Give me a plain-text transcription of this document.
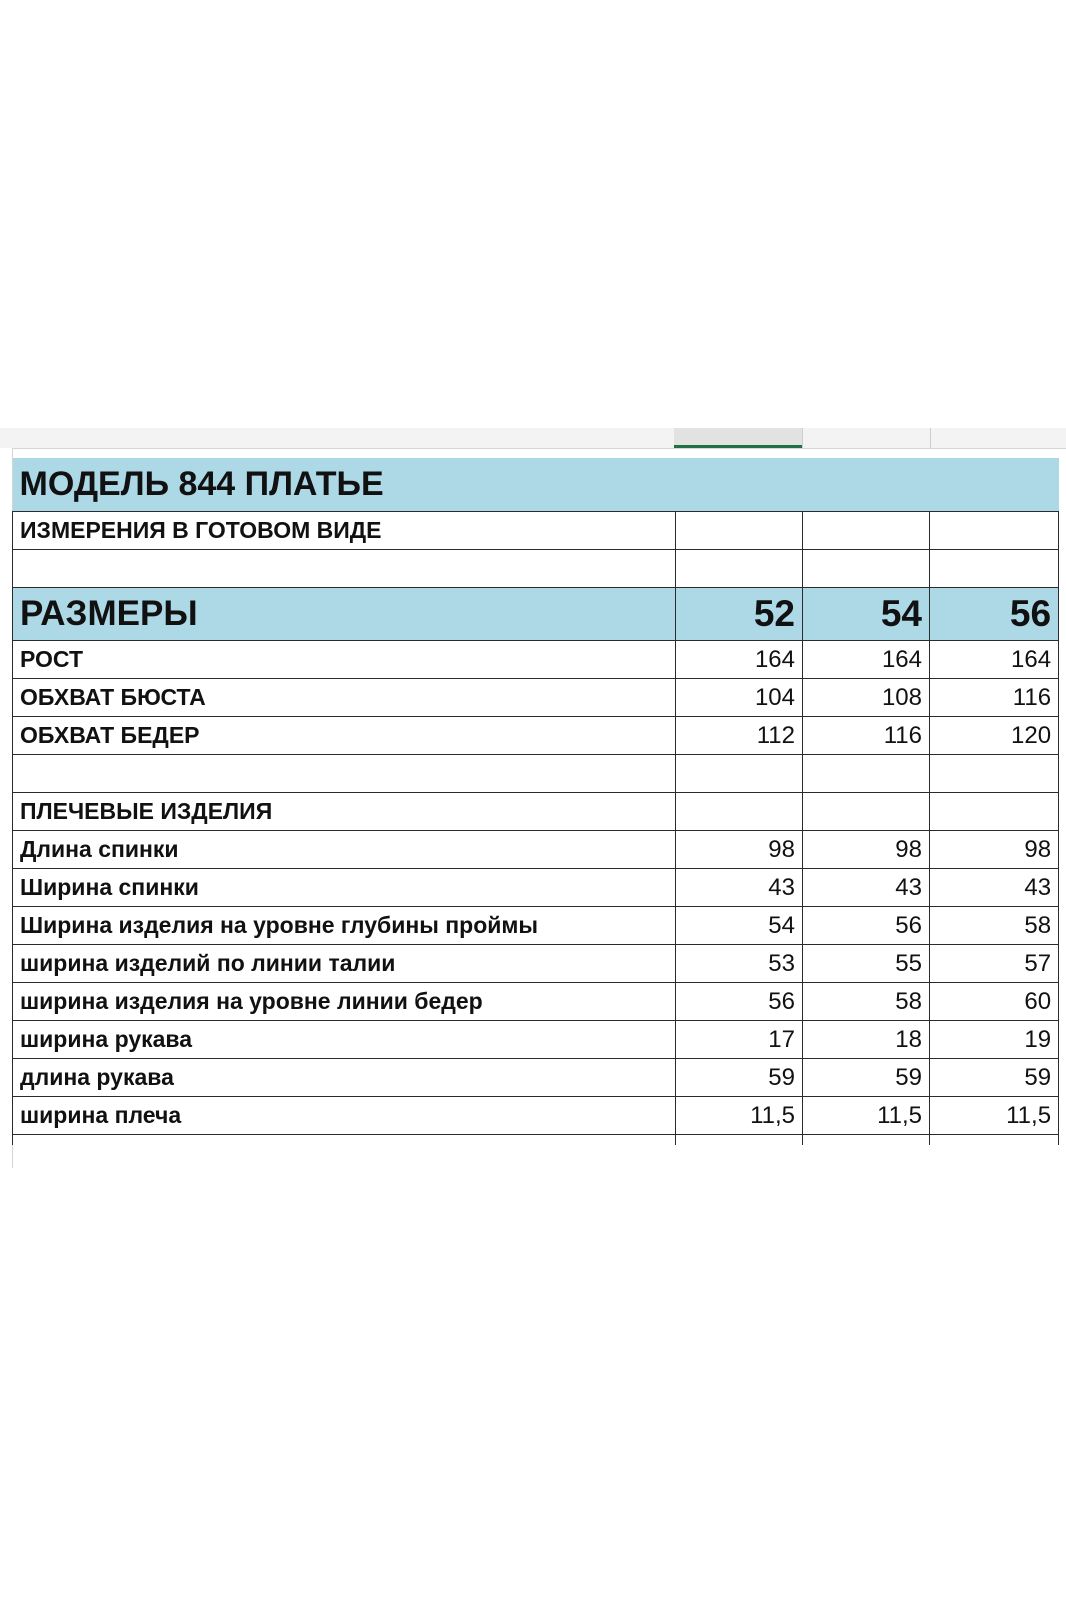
МОДЕЛЬ 844 ПЛАТЬЕ			
ИЗМЕРЕНИЯ В ГОТОВОМ ВИДЕ			

РАЗМЕРЫ	52	54	56
РОСТ	164	164	164
ОБХВАТ БЮСТА	104	108	116
ОБХВАТ БЕДЕР	112	116	120

ПЛЕЧЕВЫЕ ИЗДЕЛИЯ			
Длина спинки	98	98	98
Ширина спинки	43	43	43
Ширина изделия на уровне глубины проймы	54	56	58
ширина изделий по линии талии	53	55	57
ширина изделия на уровне линии бедер	56	58	60
ширина рукава	17	18	19
длина рукава	59	59	59
ширина плеча	11,5	11,5	11,5
